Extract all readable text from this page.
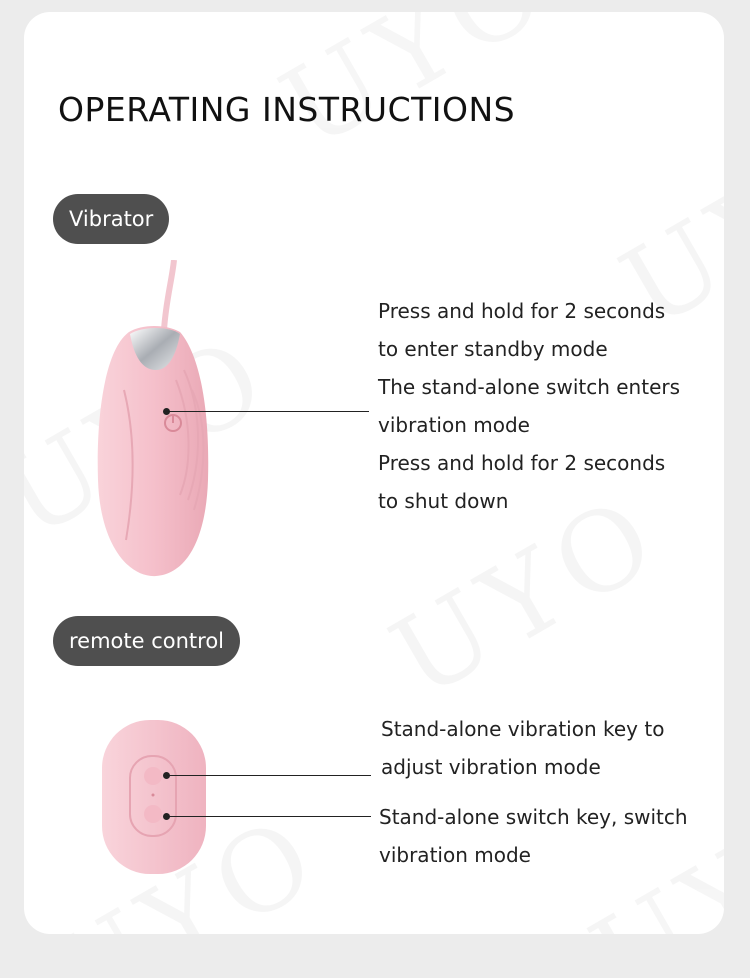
OPERATING INSTRUCTIONS
Vibrator
Press and hold for 2 seconds
to enter standby mode
The stand-alone switch enters
vibration mode
Press and hold for 2 seconds
to shut down
remote control
Stand-alone vibration key to
adjust vibration mode
Stand-alone switch key, switch
vibration mode
